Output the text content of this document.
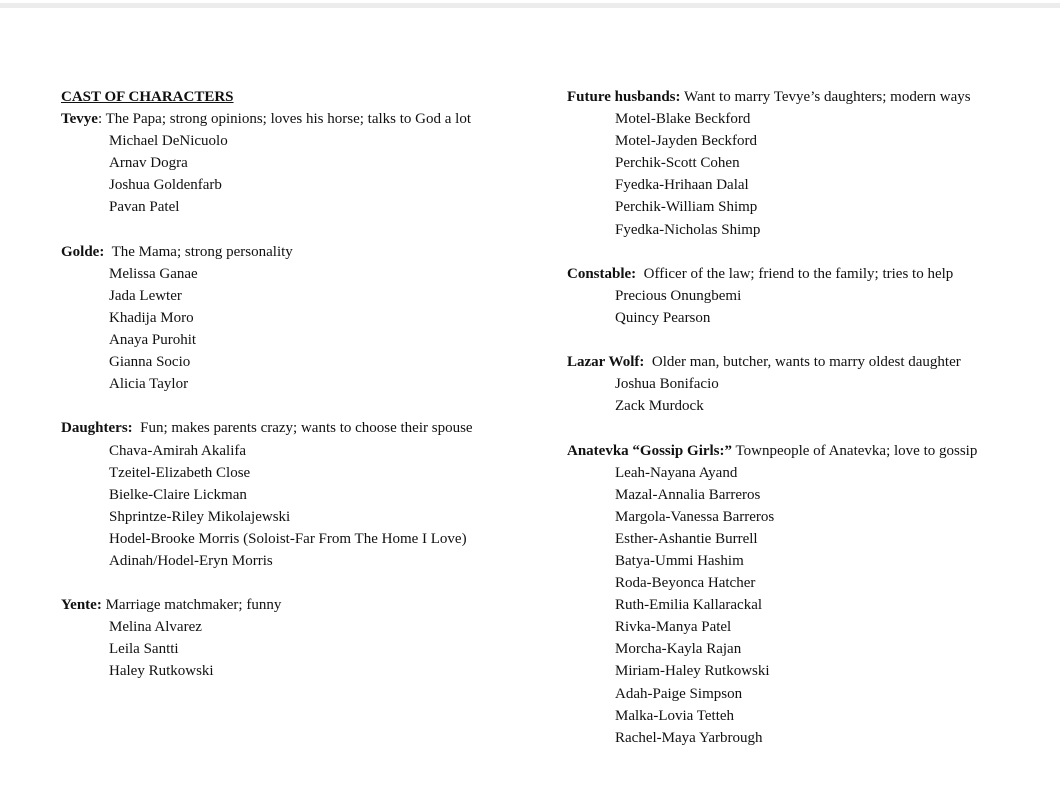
CAST OF CHARACTERS
Tevye: The Papa; strong opinions; loves his horse; talks to God a lot
Michael DeNicuolo
Arnav Dogra
Joshua Goldenfarb
Pavan Patel
Golde: The Mama; strong personality
Melissa Ganae
Jada Lewter
Khadija Moro
Anaya Purohit
Gianna Socio
Alicia Taylor
Daughters: Fun; makes parents crazy; wants to choose their spouse
Chava-Amirah Akalifa
Tzeitel-Elizabeth Close
Bielke-Claire Lickman
Shprintze-Riley Mikolajewski
Hodel-Brooke Morris (Soloist-Far From The Home I Love)
Adinah/Hodel-Eryn Morris
Yente: Marriage matchmaker; funny
Melina Alvarez
Leila Santti
Haley Rutkowski
Future husbands: Want to marry Tevye’s daughters; modern ways
Motel-Blake Beckford
Motel-Jayden Beckford
Perchik-Scott Cohen
Fyedka-Hrihaan Dalal
Perchik-William Shimp
Fyedka-Nicholas Shimp
Constable: Officer of the law; friend to the family; tries to help
Precious Onungbemi
Quincy Pearson
Lazar Wolf: Older man, butcher, wants to marry oldest daughter
Joshua Bonifacio
Zack Murdock
Anatevka “Gossip Girls:” Townpeople of Anatevka; love to gossip
Leah-Nayana Ayand
Mazal-Annalia Barreros
Margola-Vanessa Barreros
Esther-Ashantie Burrell
Batya-Ummi Hashim
Roda-Beyonca Hatcher
Ruth-Emilia Kallarackal
Rivka-Manya Patel
Morcha-Kayla Rajan
Miriam-Haley Rutkowski
Adah-Paige Simpson
Malka-Lovia Tetteh
Rachel-Maya Yarbrough
